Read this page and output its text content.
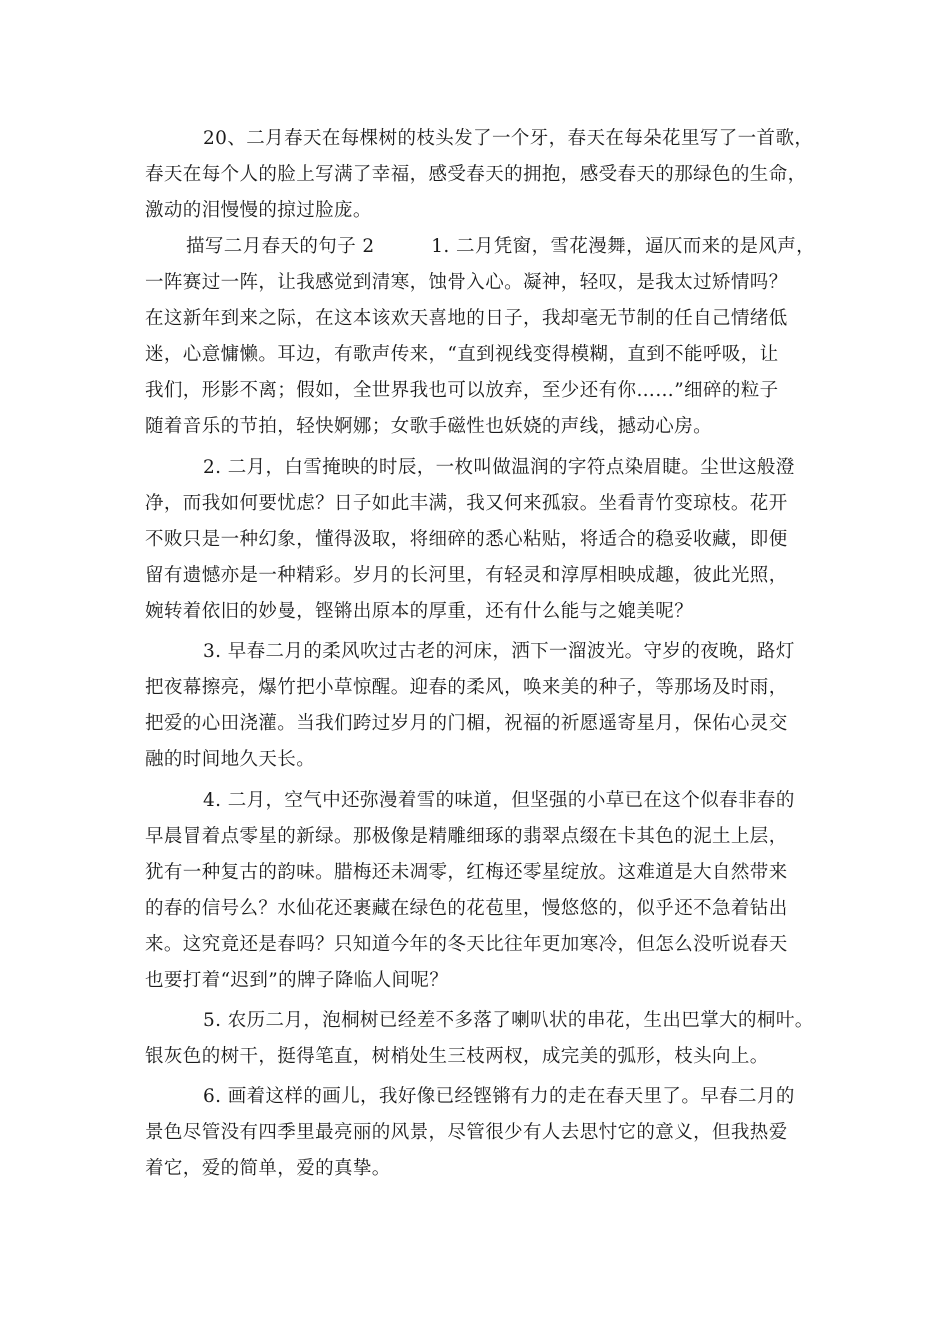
20、二月春天在每棵树的枝头发了一个牙，春天在每朵花里写了一首歌，
春天在每个人的脸上写满了幸福，感受春天的拥抱，感受春天的那绿色的生命，
激动的泪慢慢的掠过脸庞。
描写二月春天的句子 2　　　1. 二月凭窗，雪花漫舞，逼仄而来的是风声，
一阵赛过一阵，让我感觉到清寒，蚀骨入心。凝神，轻叹，是我太过矫情吗？
在这新年到来之际，在这本该欢天喜地的日子，我却毫无节制的任自己情绪低
迷，心意慵懒。耳边，有歌声传来，“直到视线变得模糊，直到不能呼吸，让
我们，形影不离；假如，全世界我也可以放弃，至少还有你……”细碎的粒子
随着音乐的节拍，轻快婀娜；女歌手磁性也妖娆的声线，撼动心房。
2. 二月，白雪掩映的时辰，一枚叫做温润的字符点染眉睫。尘世这般澄
净，而我如何要忧虑？日子如此丰满，我又何来孤寂。坐看青竹变琼枝。花开
不败只是一种幻象，懂得汲取，将细碎的悉心粘贴，将适合的稳妥收藏，即便
留有遗憾亦是一种精彩。岁月的长河里，有轻灵和淳厚相映成趣，彼此光照，
婉转着依旧的妙曼，铿锵出原本的厚重，还有什么能与之媲美呢？
3. 早春二月的柔风吹过古老的河床，洒下一溜波光。守岁的夜晚，路灯
把夜幕擦亮，爆竹把小草惊醒。迎春的柔风，唤来美的种子，等那场及时雨，
把爱的心田浇灌。当我们跨过岁月的门楣，祝福的祈愿遥寄星月，保佑心灵交
融的时间地久天长。
4. 二月，空气中还弥漫着雪的味道，但坚强的小草已在这个似春非春的
早晨冒着点零星的新绿。那极像是精雕细琢的翡翠点缀在卡其色的泥土上层，
犹有一种复古的韵味。腊梅还未凋零，红梅还零星绽放。这难道是大自然带来
的春的信号么？水仙花还裹藏在绿色的花苞里，慢悠悠的，似乎还不急着钻出
来。这究竟还是春吗？只知道今年的冬天比往年更加寒冷，但怎么没听说春天
也要打着“迟到”的牌子降临人间呢？
5. 农历二月，泡桐树已经差不多落了喇叭状的串花，生出巴掌大的桐叶。
银灰色的树干，挺得笔直，树梢处生三枝两杈，成完美的弧形，枝头向上。
6. 画着这样的画儿，我好像已经铿锵有力的走在春天里了。早春二月的
景色尽管没有四季里最亮丽的风景，尽管很少有人去思忖它的意义，但我热爱
着它，爱的简单，爱的真挚。
